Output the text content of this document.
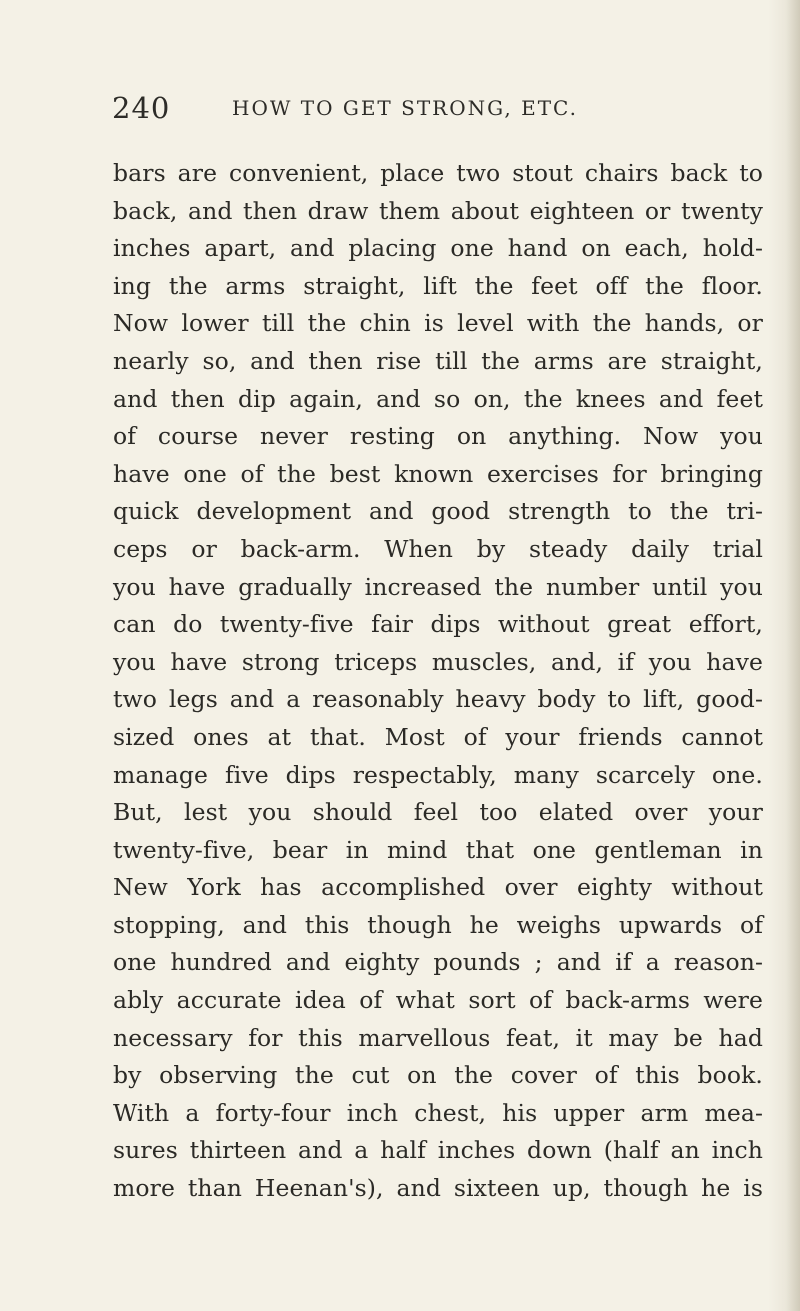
240	HOW TO GET STRONG, ETC.
bars are convenient, place two stout chairs back to
back, and then draw them about eighteen or twenty
inches apart, and placing one hand on each, hold-
ing the arms straight, lift the feet off the floor.
Now lower till the chin is level with the hands, or
nearly so, and then rise till the arms are straight,
and then dip again, and so on, the knees and feet
of course never resting on anything. Now you
have one of the best known exercises for bringing
quick development and good strength to the tri-
ceps or back-arm. When by steady daily trial
you have gradually increased the number until you
can do twenty-five fair dips without great effort,
you have strong triceps muscles, and, if you have
two legs and a reasonably heavy body to lift, good-
sized ones at that. Most of your friends cannot
manage five dips respectably, many scarcely one.
But, lest you should feel too elated over your
twenty-five, bear in mind that one gentleman in
New York has accomplished over eighty without
stopping, and this though he weighs upwards of
one hundred and eighty pounds ; and if a reason-
ably accurate idea of what sort of back-arms were
necessary for this marvellous feat, it may be had
by observing the cut on the cover of this book.
With a forty-four inch chest, his upper arm mea-
sures thirteen and a half inches down (half an inch
more than Heenan's), and sixteen up, though he is
